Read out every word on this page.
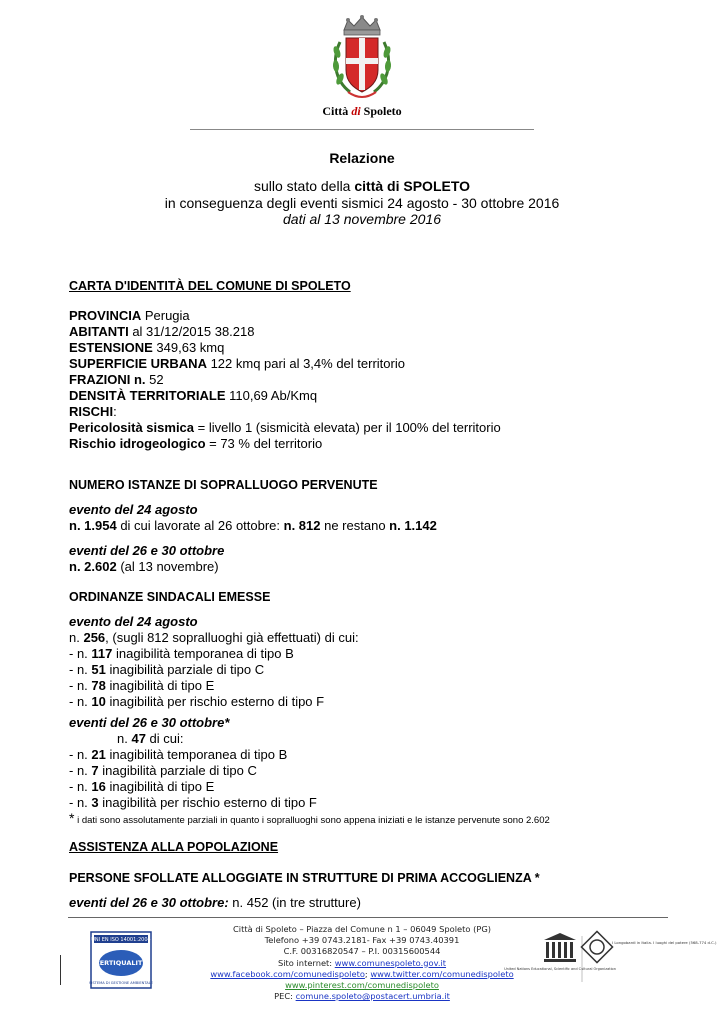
Città di Spoleto
Relazione
sullo stato della città di SPOLETO
in conseguenza degli eventi sismici 24 agosto - 30 ottobre 2016
dati al 13 novembre 2016
CARTA D'IDENTITÀ DEL COMUNE DI SPOLETO
PROVINCIA Perugia
ABITANTI al 31/12/2015 38.218
ESTENSIONE 349,63 kmq
SUPERFICIE URBANA 122 kmq pari al 3,4% del territorio
FRAZIONI n. 52
DENSITÀ TERRITORIALE 110,69 Ab/Kmq
RISCHI:
Pericolosità sismica = livello 1 (sismicità elevata) per il 100% del territorio
Rischio idrogeologico = 73 % del territorio
NUMERO ISTANZE DI SOPRALLUOGO PERVENUTE
evento del 24 agosto
n. 1.954 di cui lavorate al 26 ottobre: n. 812 ne restano n. 1.142
eventi del 26 e 30 ottobre
n. 2.602 (al 13 novembre)
ORDINANZE SINDACALI EMESSE
evento del 24 agosto
n. 256, (sugli 812 sopralluoghi già effettuati) di cui:
- n. 117 inagibilità temporanea di tipo B
- n. 51 inagibilità parziale di tipo C
- n. 78 inagibilità di tipo E
- n. 10 inagibilità per rischio esterno di tipo F
eventi del 26 e 30 ottobre*
n. 47 di cui:
- n. 21 inagibilità temporanea di tipo B
- n. 7 inagibilità parziale di tipo C
- n. 16 inagibilità di tipo E
- n. 3 inagibilità per rischio esterno di tipo F
* i dati sono assolutamente parziali in quanto i sopralluoghi sono appena iniziati e le istanze pervenute sono 2.602
ASSISTENZA ALLA POPOLAZIONE
PERSONE SFOLLATE ALLOGGIATE IN STRUTTURE DI PRIMA ACCOGLIENZA *
eventi del 26 e 30 ottobre: n. 452 (in tre strutture)
UNI EN ISO 14001:2004
CERTIQUALITY
SISTEMA DI GESTIONE AMBIENTALE
United Nations Educational, Scientific and Cultural Organization
I Longobardi in Italia. I luoghi del potere (568-774 d.C.)
Città di Spoleto – Piazza del Comune n 1 – 06049 Spoleto (PG)
Telefono +39 0743.2181- Fax +39 0743.40391
C.F. 00316820547 – P.I. 00315600544
Sito internet: www.comunespoleto.gov.it
www.facebook.com/comunedispoleto; www.twitter.com/comunedispoleto
www.pinterest.com/comunedispoleto
PEC: comune.spoleto@postacert.umbria.it
